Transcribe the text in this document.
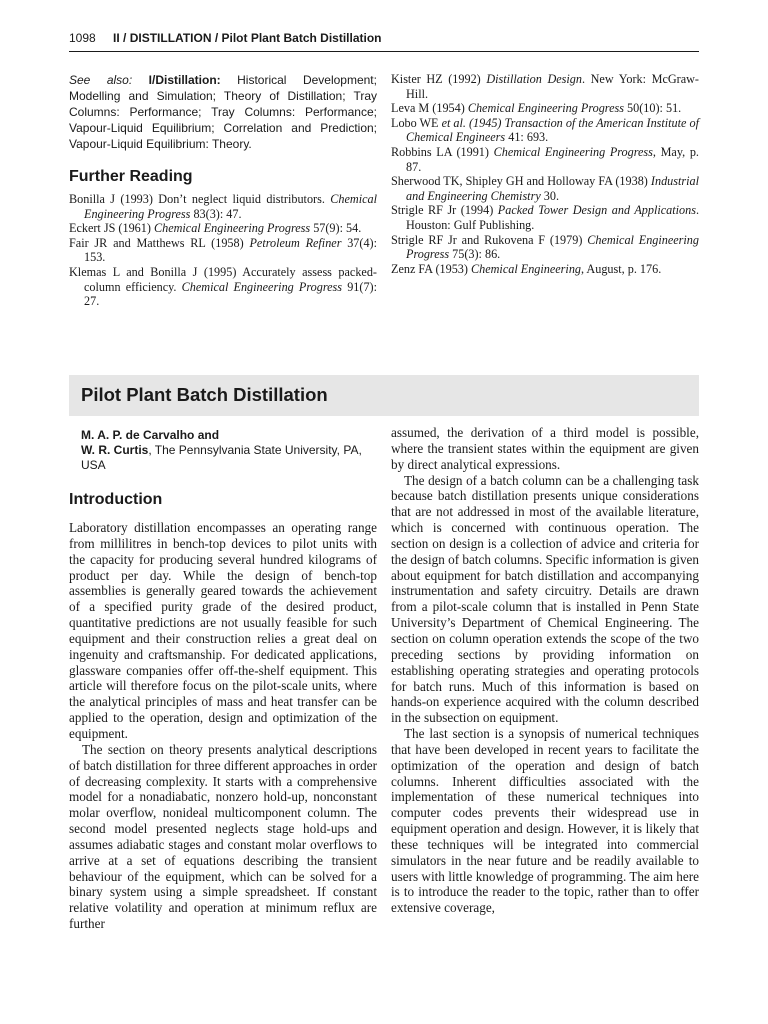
1098 II / DISTILLATION / Pilot Plant Batch Distillation

See also: I/Distillation: Historical Development; Modelling and Simulation; Theory of Distillation; Tray Columns: Performance; Tray Columns: Performance; Vapour-Liquid Equilibrium; Correlation and Prediction; Vapour-Liquid Equilibrium: Theory.

Further Reading
Bonilla J (1993) Don’t neglect liquid distributors. Chemical Engineering Progress 83(3): 47.
Eckert JS (1961) Chemical Engineering Progress 57(9): 54.
Fair JR and Matthews RL (1958) Petroleum Refiner 37(4): 153.
Klemas L and Bonilla J (1995) Accurately assess packed-column efficiency. Chemical Engineering Progress 91(7): 27.
Kister HZ (1992) Distillation Design. New York: McGraw-Hill.
Leva M (1954) Chemical Engineering Progress 50(10): 51.
Lobo WE et al. (1945) Transaction of the American Institute of Chemical Engineers 41: 693.
Robbins LA (1991) Chemical Engineering Progress, May, p. 87.
Sherwood TK, Shipley GH and Holloway FA (1938) Industrial and Engineering Chemistry 30.
Strigle RF Jr (1994) Packed Tower Design and Applications. Houston: Gulf Publishing.
Strigle RF Jr and Rukovena F (1979) Chemical Engineering Progress 75(3): 86.
Zenz FA (1953) Chemical Engineering, August, p. 176.
Pilot Plant Batch Distillation
M. A. P. de Carvalho and
W. R. Curtis, The Pennsylvania State University, PA, USA
Introduction

Laboratory distillation encompasses an operating range from millilitres in bench-top devices to pilot units with the capacity for producing several hundred kilograms of product per day. While the design of bench-top assemblies is generally geared towards the achievement of a specified purity grade of the desired product, quantitative predictions are not usually feasible for such equipment and their construction relies a great deal on ingenuity and craftsmanship. For dedicated applications, glassware companies offer off-the-shelf equipment. This article will therefore focus on the pilot-scale units, where the analytical principles of mass and heat transfer can be applied to the operation, design and optimization of the equipment.

The section on theory presents analytical descriptions of batch distillation for three different approaches in order of decreasing complexity. It starts with a comprehensive model for a nonadiabatic, nonzero hold-up, nonconstant molar overflow, nonideal multicomponent column. The second model presented neglects stage hold-ups and assumes adiabatic stages and constant molar overflows to arrive at a set of equations describing the transient behaviour of the equipment, which can be solved for a binary system using a simple spreadsheet. If constant relative volatility and operation at minimum reflux are further

assumed, the derivation of a third model is possible, where the transient states within the equipment are given by direct analytical expressions.

The design of a batch column can be a challenging task because batch distillation presents unique considerations that are not addressed in most of the available literature, which is concerned with continuous operation. The section on design is a collection of advice and criteria for the design of batch columns. Specific information is given about equipment for batch distillation and accompanying instrumentation and safety circuitry. Details are drawn from a pilot-scale column that is installed in Penn State University’s Department of Chemical Engineering. The section on column operation extends the scope of the two preceding sections by providing information on establishing operating strategies and operating protocols for batch runs. Much of this information is based on hands-on experience acquired with the column described in the subsection on equipment.

The last section is a synopsis of numerical techniques that have been developed in recent years to facilitate the optimization of the operation and design of batch columns. Inherent difficulties associated with the implementation of these numerical techniques into computer codes prevents their widespread use in equipment operation and design. However, it is likely that these techniques will be integrated into commercial simulators in the near future and be readily available to users with little knowledge of programming. The aim here is to introduce the reader to the topic, rather than to offer extensive coverage,
